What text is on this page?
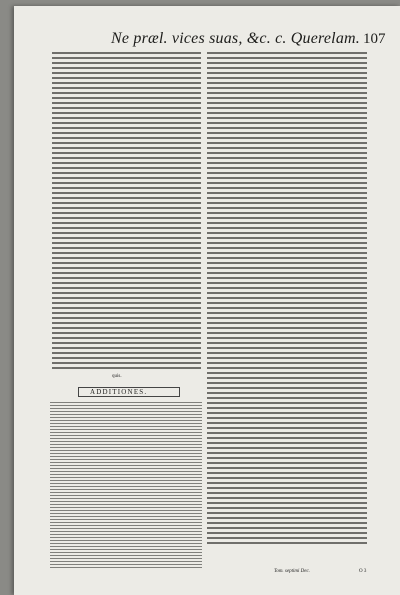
Ne præl. vices suas, &c. c. Querelam. 107
quis.
ADDITIONES.
Tom. septimi Dec.	O 3
